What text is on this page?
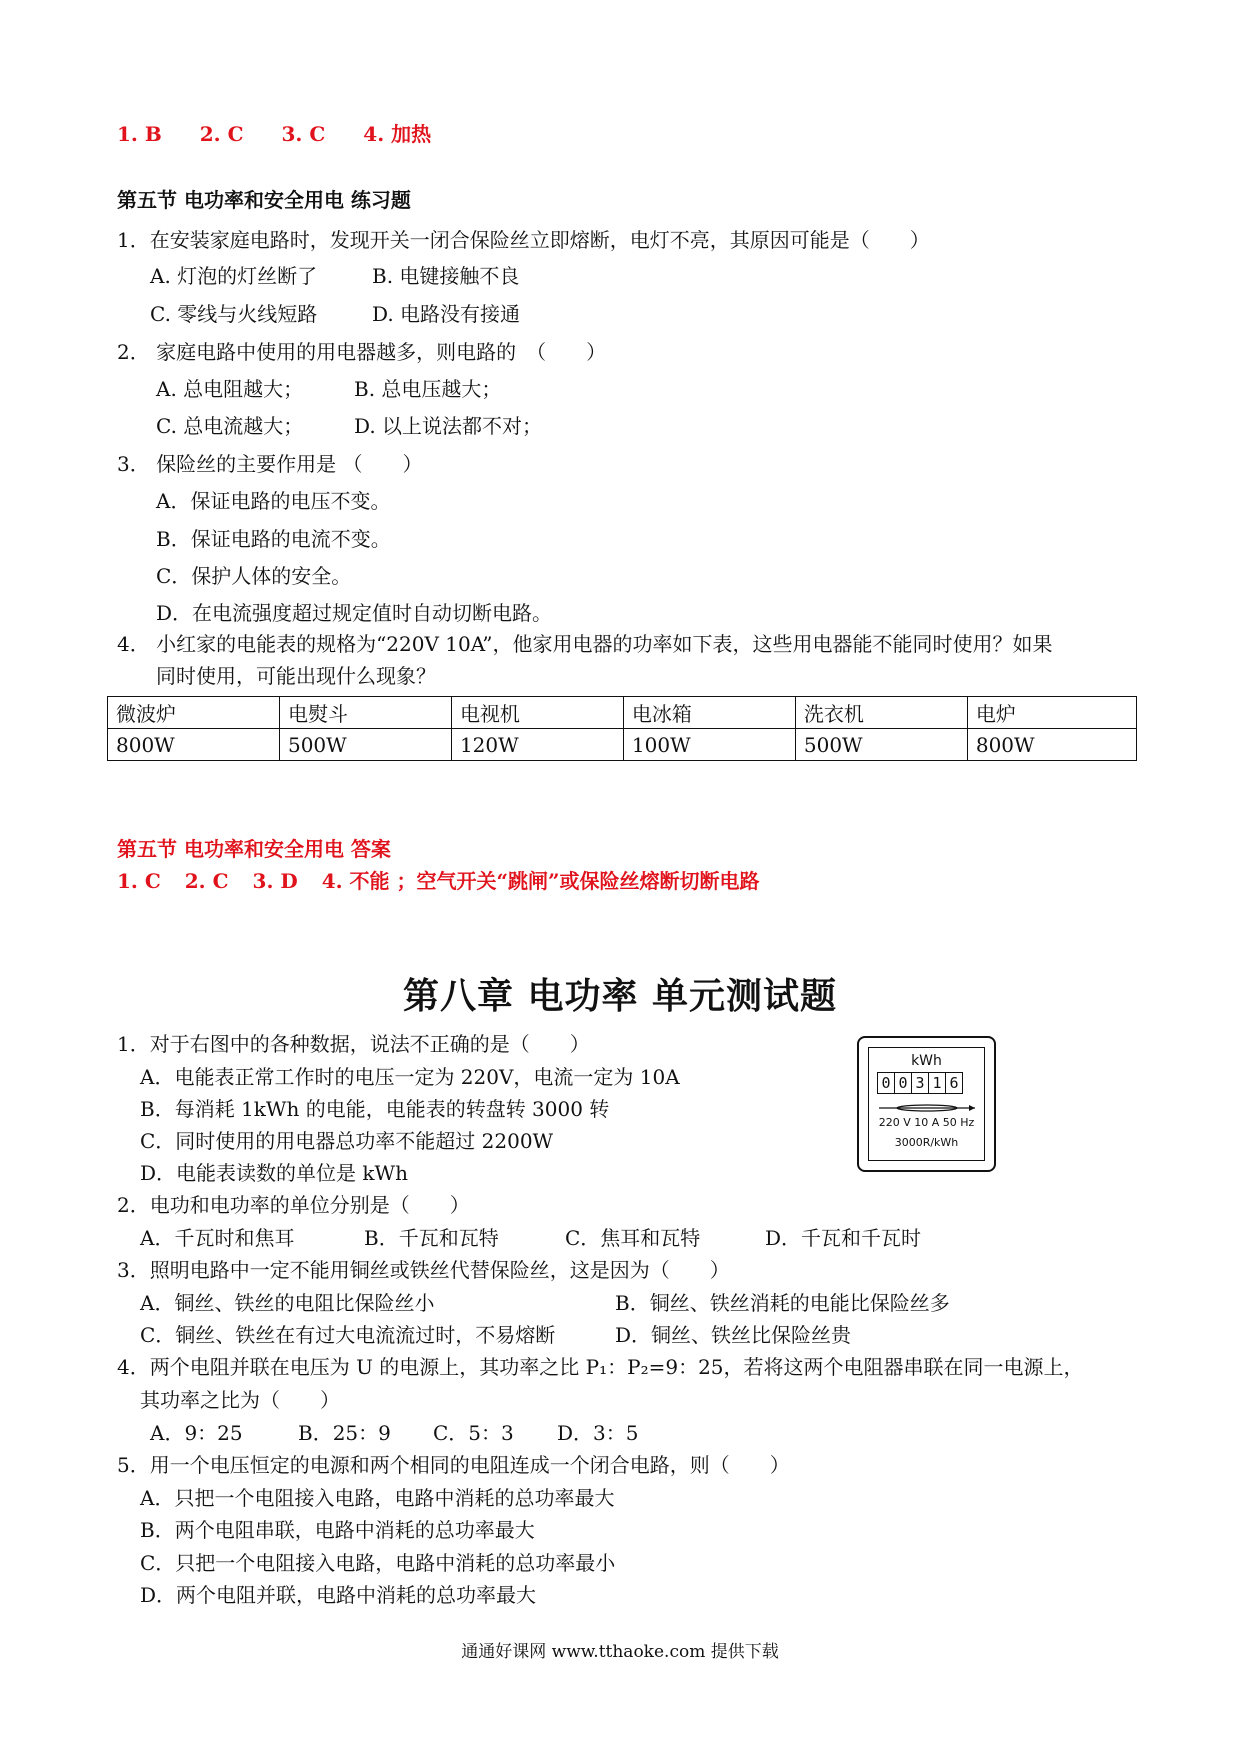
1. B 2. C 3. C 4. 加热
第五节 电功率和安全用电 练习题
1．在安装家庭电路时，发现开关一闭合保险丝立即熔断，电灯不亮，其原因可能是（　　）
A. 灯泡的灯丝断了	B. 电键接触不良
C. 零线与火线短路	D. 电路没有接通
2． 家庭电路中使用的用电器越多，则电路的　（　　）
A. 总电阻越大；	B. 总电压越大；
C. 总电流越大；	D. 以上说法都不对；
3． 保险丝的主要作用是 （　　）
A．保证电路的电压不变。
B．保证电路的电流不变。
C．保护人体的安全。
D．在电流强度超过规定值时自动切断电路。
4． 小红家的电能表的规格为“220V 10A”，他家用电器的功率如下表，这些用电器能不能同时使用？如果
同时使用，可能出现什么现象？
微波炉	电熨斗	电视机	电冰箱	洗衣机	电炉
800W	500W	120W	100W	500W	800W
第五节 电功率和安全用电 答案
1. C 2. C 3. D 4. 不能 ；空气开关“跳闸”或保险丝熔断切断电路
第八章 电功率 单元测试题
kWh
0 0 3 1 6
220 V 10 A 50 Hz
3000R/kWh
1．对于右图中的各种数据，说法不正确的是（　　）
A．电能表正常工作时的电压一定为 220V，电流一定为 10A
B．每消耗 1kWh 的电能，电能表的转盘转 3000 转
C．同时使用的用电器总功率不能超过 2200W
D．电能表读数的单位是 kWh
2．电功和电功率的单位分别是（　　）
A．千瓦时和焦耳	B．千瓦和瓦特	C．焦耳和瓦特	D．千瓦和千瓦时
3．照明电路中一定不能用铜丝或铁丝代替保险丝，这是因为（　　）
A．铜丝、铁丝的电阻比保险丝小	B．铜丝、铁丝消耗的电能比保险丝多
C．铜丝、铁丝在有过大电流流过时，不易熔断	D．铜丝、铁丝比保险丝贵
4．两个电阻并联在电压为 U 的电源上，其功率之比 P₁：P₂=9：25，若将这两个电阻器串联在同一电源上，
其功率之比为（　　）
A．9：25	B．25：9 C．5：3 D．3：5
5．用一个电压恒定的电源和两个相同的电阻连成一个闭合电路，则（　　）
A．只把一个电阻接入电路，电路中消耗的总功率最大
B．两个电阻串联，电路中消耗的总功率最大
C．只把一个电阻接入电路，电路中消耗的总功率最小
D．两个电阻并联，电路中消耗的总功率最大
通通好课网 www.tthaoke.com 提供下载
